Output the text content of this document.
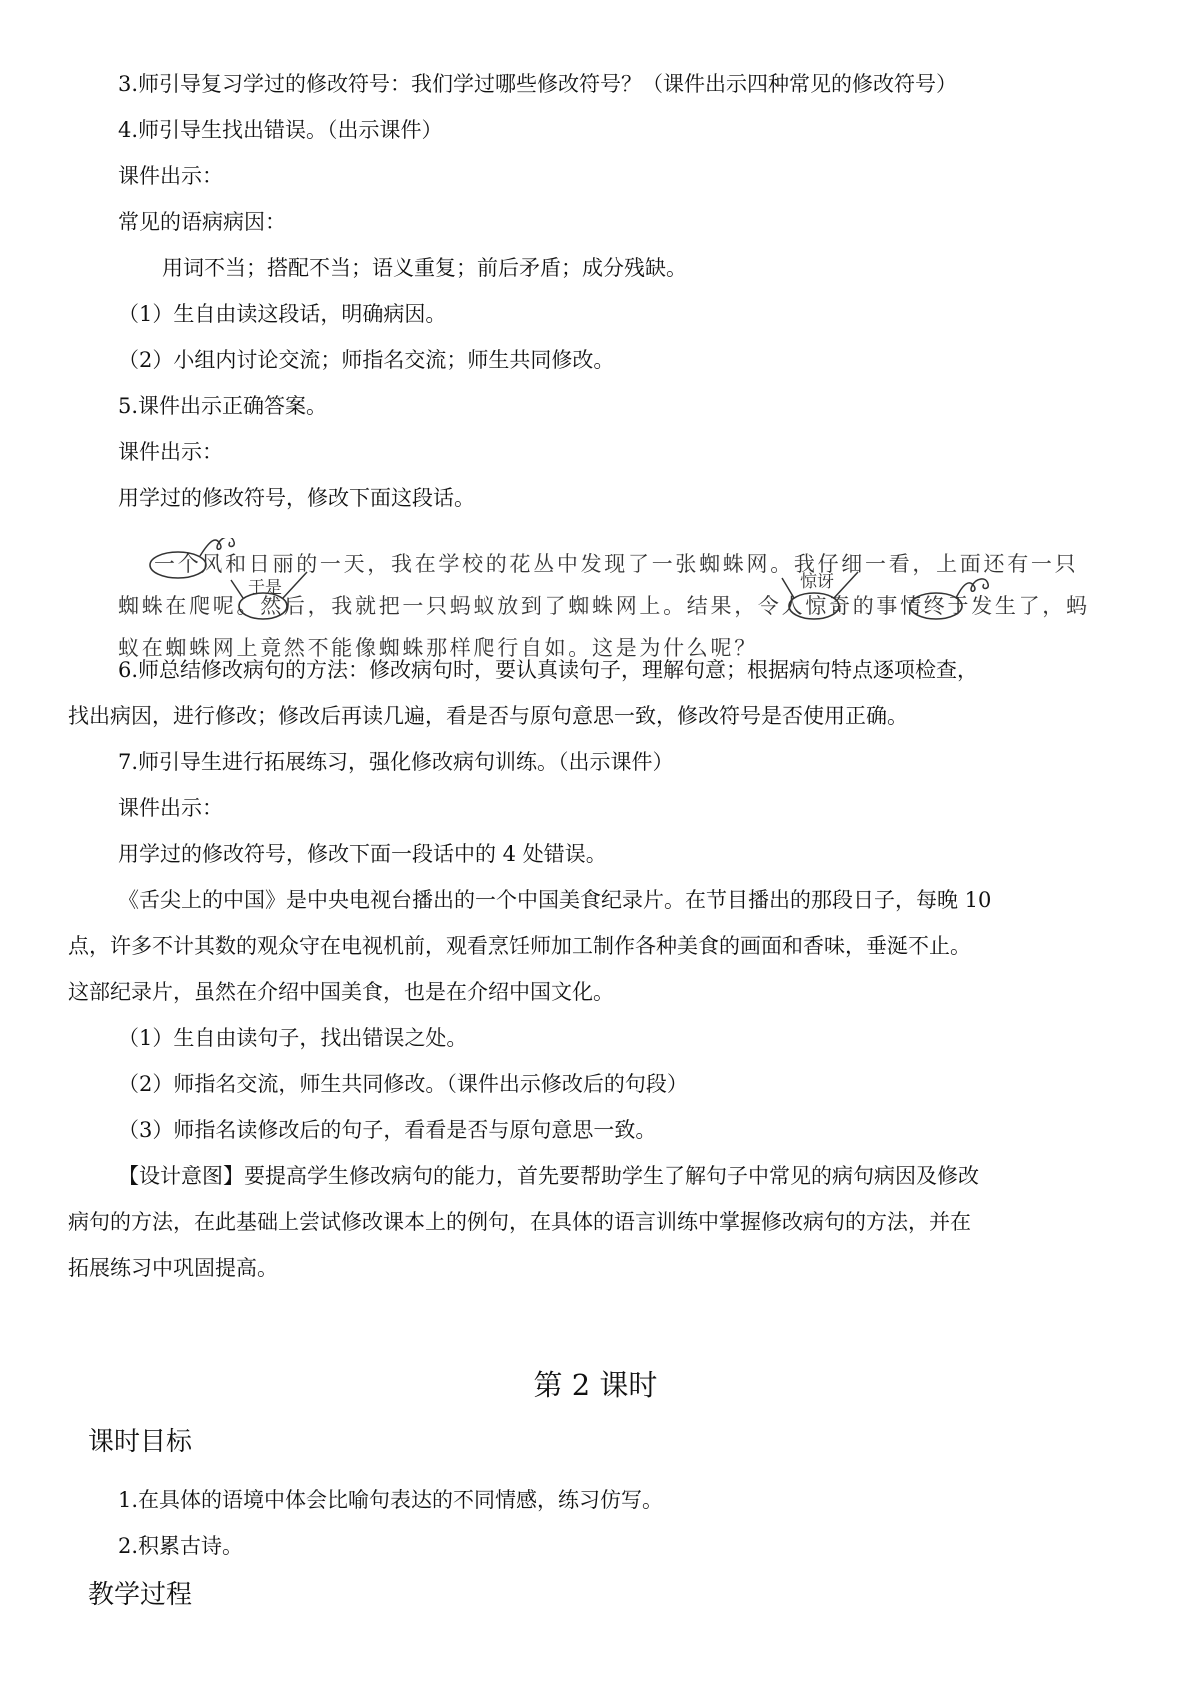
3.师引导复习学过的修改符号：我们学过哪些修改符号？（课件出示四种常见的修改符号）

4.师引导生找出错误。（出示课件）

课件出示：

常见的语病病因：

用词不当；搭配不当；语义重复；前后矛盾；成分残缺。

（1）生自由读这段话，明确病因。

（2）小组内讨论交流；师指名交流；师生共同修改。

5.课件出示正确答案。

课件出示：

用学过的修改符号，修改下面这段话。

于是	惊讶
一个风和日丽的一天，我在学校的花丛中发现了一张蜘蛛网。我仔细一看，上面还有一只
蜘蛛在爬呢。然后，我就把一只蚂蚁放到了蜘蛛网上。结果，令人惊奇的事情终于发生了，蚂
蚁在蜘蛛网上竟然不能像蜘蛛那样爬行自如。这是为什么呢？

6.师总结修改病句的方法：修改病句时，要认真读句子，理解句意；根据病句特点逐项检查，

找出病因，进行修改；修改后再读几遍，看是否与原句意思一致，修改符号是否使用正确。

7.师引导生进行拓展练习，强化修改病句训练。（出示课件）

课件出示：

用学过的修改符号，修改下面一段话中的 4 处错误。

《舌尖上的中国》是中央电视台播出的一个中国美食纪录片。在节目播出的那段日子，每晚 10

点，许多不计其数的观众守在电视机前，观看烹饪师加工制作各种美食的画面和香味，垂涎不止。

这部纪录片，虽然在介绍中国美食，也是在介绍中国文化。

（1）生自由读句子，找出错误之处。

（2）师指名交流，师生共同修改。（课件出示修改后的句段）

（3）师指名读修改后的句子，看看是否与原句意思一致。

【设计意图】要提高学生修改病句的能力，首先要帮助学生了解句子中常见的病句病因及修改

病句的方法，在此基础上尝试修改课本上的例句，在具体的语言训练中掌握修改病句的方法，并在

拓展练习中巩固提高。

第 2 课时
课时目标

1.在具体的语境中体会比喻句表达的不同情感，练习仿写。

2.积累古诗。

教学过程
